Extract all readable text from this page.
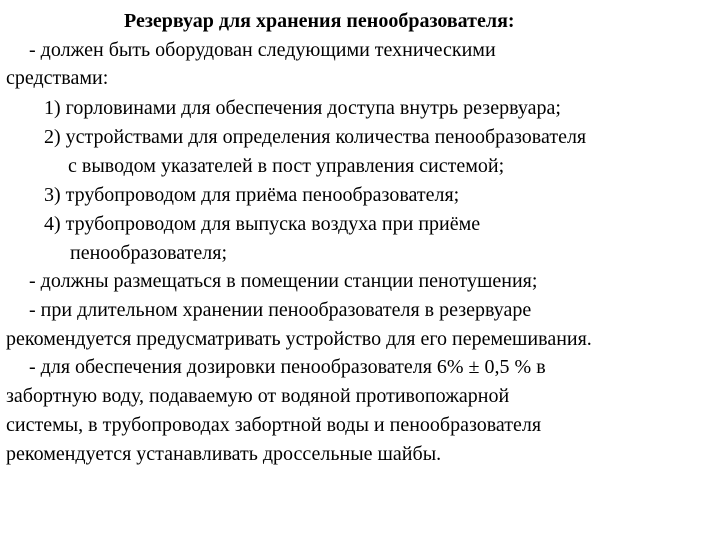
Резервуар для хранения пенообразователя:
- должен быть оборудован следующими техническими
средствами:
1) горловинами для обеспечения доступа внутрь резервуара;
2) устройствами для определения количества пенообразователя
с выводом указателей в пост управления системой;
3) трубопроводом для приёма пенообразователя;
4) трубопроводом для выпуска воздуха при приёме
пенообразователя;
- должны размещаться в помещении станции пенотушения;
- при длительном хранении пенообразователя в резервуаре
рекомендуется предусматривать устройство для его перемешивания.
- для обеспечения дозировки пенообразователя 6% ± 0,5 % в
забортную воду, подаваемую от водяной противопожарной
системы, в трубопроводах забортной воды и пенообразователя
рекомендуется устанавливать дроссельные шайбы.
